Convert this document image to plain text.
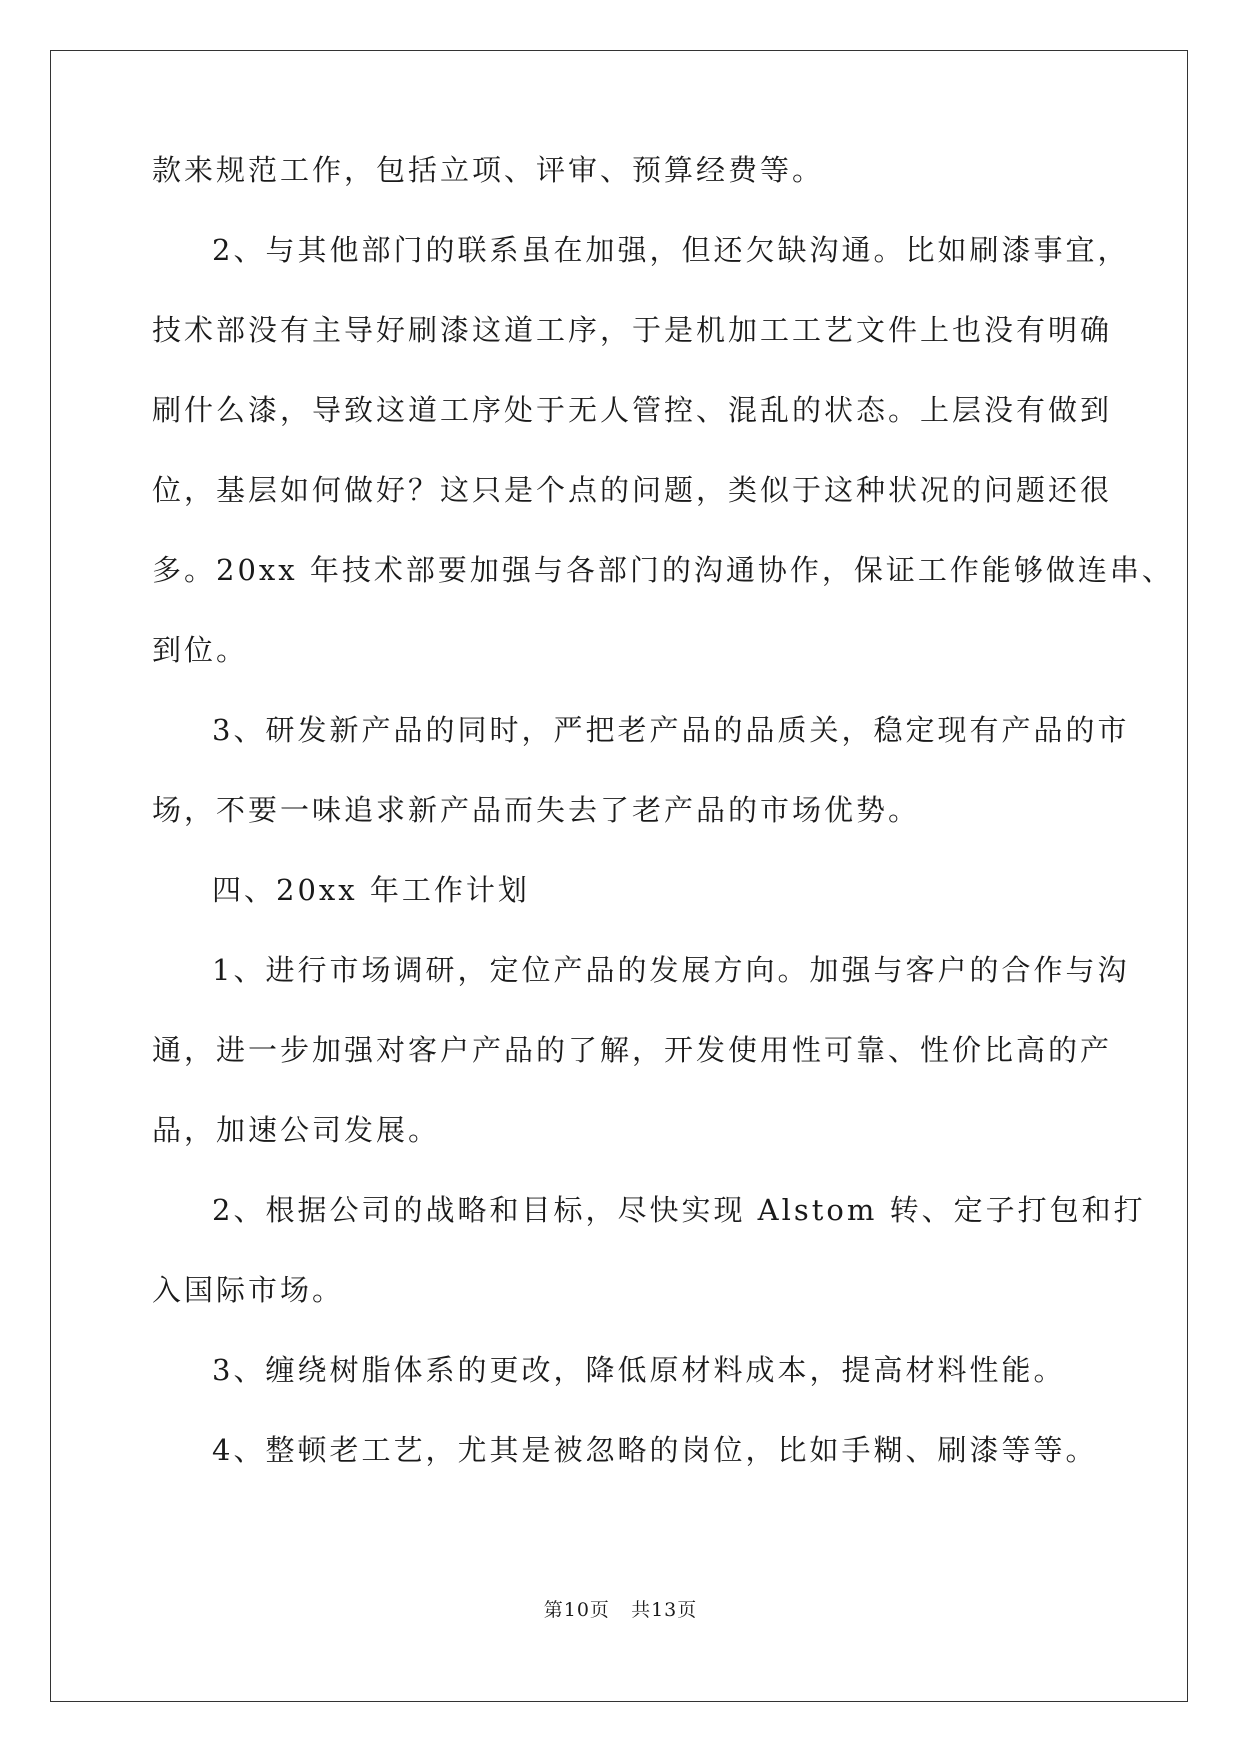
款来规范工作，包括立项、评审、预算经费等。
2、与其他部门的联系虽在加强，但还欠缺沟通。比如刷漆事宜，
技术部没有主导好刷漆这道工序，于是机加工工艺文件上也没有明确
刷什么漆，导致这道工序处于无人管控、混乱的状态。上层没有做到
位，基层如何做好？这只是个点的问题，类似于这种状况的问题还很
多。20xx 年技术部要加强与各部门的沟通协作，保证工作能够做连串、
到位。
3、研发新产品的同时，严把老产品的品质关，稳定现有产品的市
场，不要一味追求新产品而失去了老产品的市场优势。
四、20xx 年工作计划
1、进行市场调研，定位产品的发展方向。加强与客户的合作与沟
通，进一步加强对客户产品的了解，开发使用性可靠、性价比高的产
品，加速公司发展。
2、根据公司的战略和目标，尽快实现 Alstom 转、定子打包和打
入国际市场。
3、缠绕树脂体系的更改，降低原材料成本，提高材料性能。
4、整顿老工艺，尤其是被忽略的岗位，比如手糊、刷漆等等。
第10页 共13页
